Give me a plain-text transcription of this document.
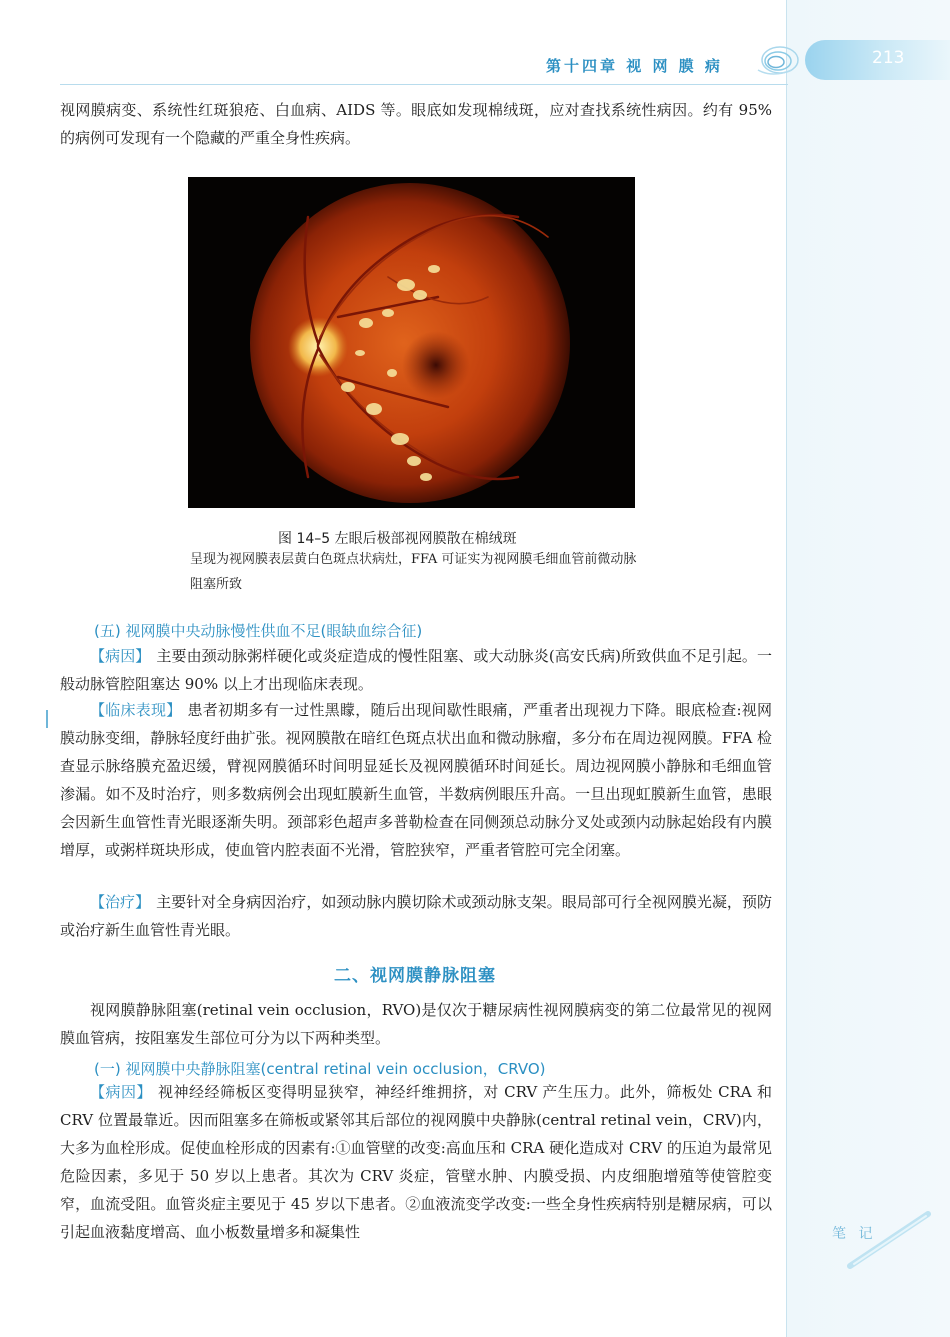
213
第十四章 视 网 膜 病

视网膜病变、系统性红斑狼疮、白血病、AIDS 等。眼底如发现棉绒斑，应对查找系统性病因。约有 95% 的病例可发现有一个隐藏的严重全身性疾病。

图 14–5 左眼后极部视网膜散在棉绒斑

呈现为视网膜表层黄白色斑点状病灶，FFA 可证实为视网膜毛细血管前微动脉阻塞所致

(五) 视网膜中央动脉慢性供血不足(眼缺血综合征)

【病因】 主要由颈动脉粥样硬化或炎症造成的慢性阻塞、或大动脉炎(高安氏病)所致供血不足引起。一般动脉管腔阻塞达 90% 以上才出现临床表现。

【临床表现】 患者初期多有一过性黑矇，随后出现间歇性眼痛，严重者出现视力下降。眼底检查:视网膜动脉变细，静脉轻度纡曲扩张。视网膜散在暗红色斑点状出血和微动脉瘤，多分布在周边视网膜。FFA 检查显示脉络膜充盈迟缓，臂视网膜循环时间明显延长及视网膜循环时间延长。周边视网膜小静脉和毛细血管渗漏。如不及时治疗，则多数病例会出现虹膜新生血管，半数病例眼压升高。一旦出现虹膜新生血管，患眼会因新生血管性青光眼逐渐失明。颈部彩色超声多普勒检查在同侧颈总动脉分叉处或颈内动脉起始段有内膜增厚，或粥样斑块形成，使血管内腔表面不光滑，管腔狭窄，严重者管腔可完全闭塞。

【治疗】 主要针对全身病因治疗，如颈动脉内膜切除术或颈动脉支架。眼局部可行全视网膜光凝，预防或治疗新生血管性青光眼。

二、视网膜静脉阻塞

视网膜静脉阻塞(retinal vein occlusion，RVO)是仅次于糖尿病性视网膜病变的第二位最常见的视网膜血管病，按阻塞发生部位可分为以下两种类型。

(一) 视网膜中央静脉阻塞(central retinal vein occlusion，CRVO)

【病因】 视神经经筛板区变得明显狭窄，神经纤维拥挤，对 CRV 产生压力。此外，筛板处 CRA 和 CRV 位置最靠近。因而阻塞多在筛板或紧邻其后部位的视网膜中央静脉(central retinal vein，CRV)内，大多为血栓形成。促使血栓形成的因素有:①血管壁的改变:高血压和 CRA 硬化造成对 CRV 的压迫为最常见危险因素，多见于 50 岁以上患者。其次为 CRV 炎症，管壁水肿、内膜受损、内皮细胞增殖等使管腔变窄，血流受阻。血管炎症主要见于 45 岁以下患者。②血液流变学改变:一些全身性疾病特别是糖尿病，可以引起血液黏度增高、血小板数量增多和凝集性	笔 记
